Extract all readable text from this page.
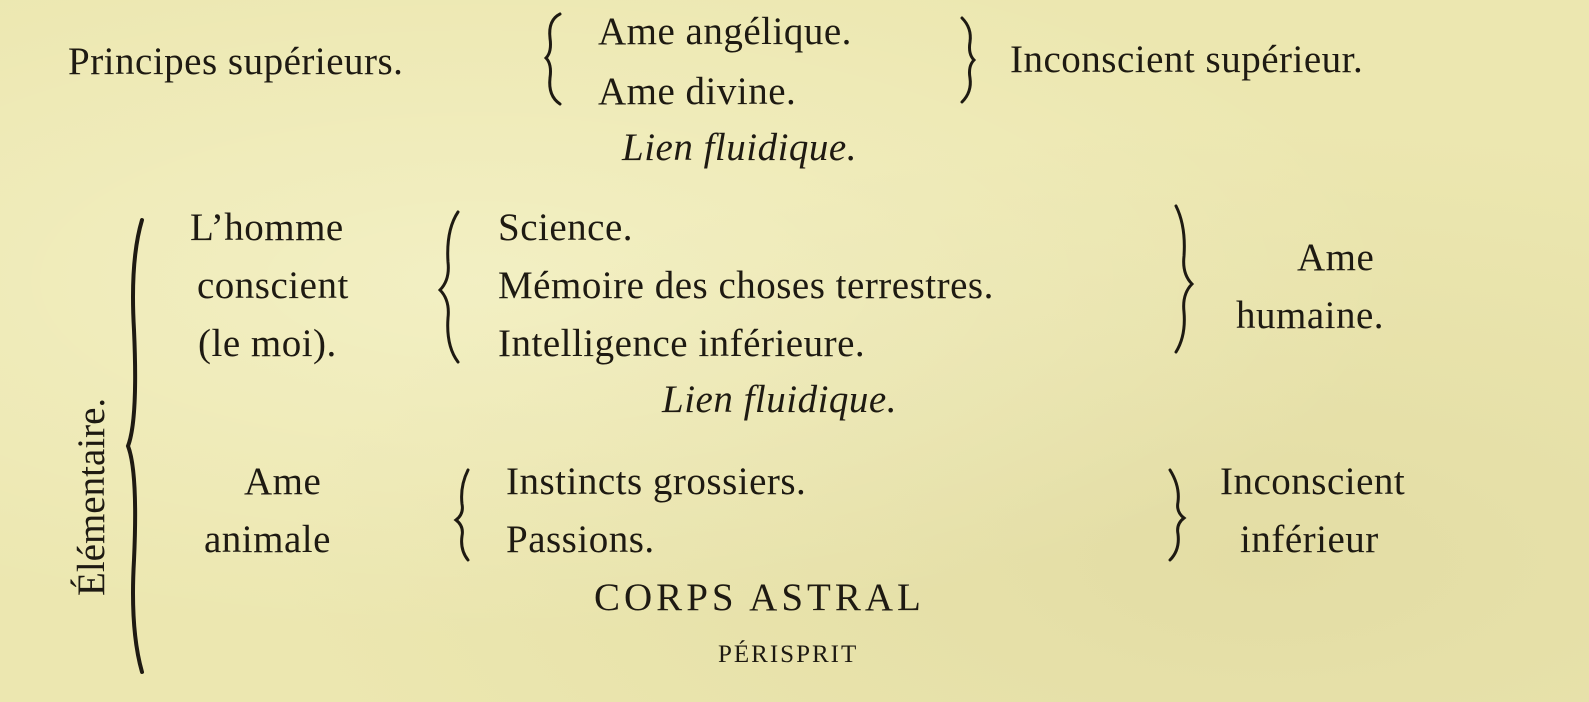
Principes supérieurs.
Ame angélique.
Ame divine.
Inconscient supérieur.
Lien fluidique.
Élémentaire.
L’homme
conscient
(le moi).
Science.
Mémoire des choses terrestres.
Intelligence inférieure.
Ame
humaine.
Lien fluidique.
Ame
animale
Instincts grossiers.
Passions.
Inconscient
inférieur
CORPS ASTRAL
PÉRISPRIT
